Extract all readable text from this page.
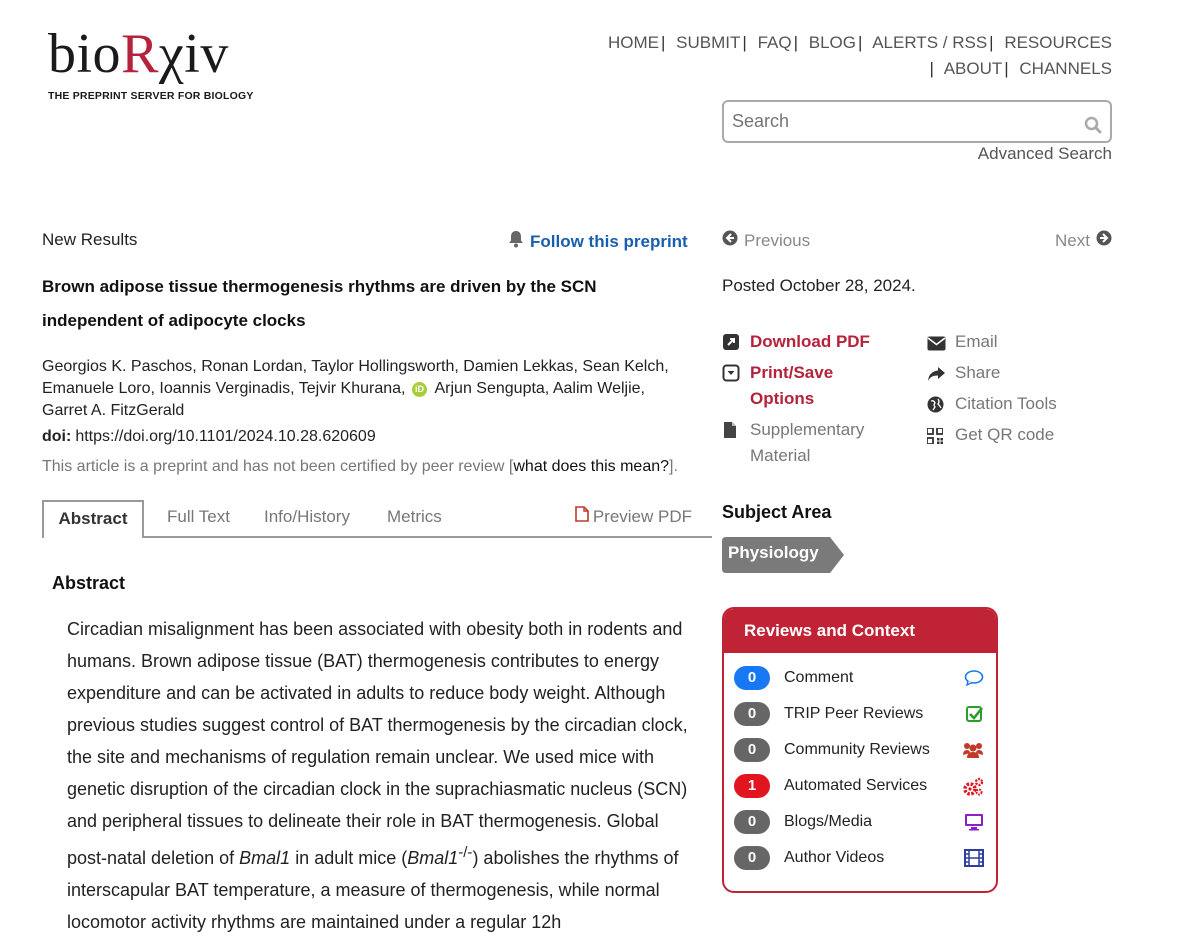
bioRχiv
THE PREPRINT SERVER FOR BIOLOGY
HOME | SUBMIT | FAQ | BLOG | ALERTS / RSS | RESOURCES
| ABOUT | CHANNELS
Search
Advanced Search
New Results	Follow this preprint	Previous	Next
Brown adipose tissue thermogenesis rhythms are driven by the SCN independent of adipocyte clocks
Georgios K. Paschos, Ronan Lordan, Taylor Hollingsworth, Damien Lekkas, Sean Kelch, Emanuele Loro, Ioannis Verginadis, Tejvir Khurana, iD Arjun Sengupta, Aalim Weljie, Garret A. FitzGerald
doi: https://doi.org/10.1101/2024.10.28.620609
This article is a preprint and has not been certified by peer review [what does this mean?].
Abstract	Full Text Info/History Metrics	Preview PDF
Abstract
Circadian misalignment has been associated with obesity both in rodents and humans. Brown adipose tissue (BAT) thermogenesis contributes to energy expenditure and can be activated in adults to reduce body weight. Although previous studies suggest control of BAT thermogenesis by the circadian clock, the site and mechanisms of regulation remain unclear. We used mice with genetic disruption of the circadian clock in the suprachiasmatic nucleus (SCN) and peripheral tissues to delineate their role in BAT thermogenesis. Global post-natal deletion of Bmal1 in adult mice (Bmal1-/-) abolishes the rhythms of interscapular BAT temperature, a measure of thermogenesis, while normal locomotor activity rhythms are maintained under a regular 12h
Posted October 28, 2024.
Download PDF
Print/Save Options
Supplementary Material
Email
Share
Citation Tools
Get QR code
Subject Area
Physiology
Reviews and Context
0	Comment
0	TRIP Peer Reviews
0	Community Reviews
1	Automated Services
0	Blogs/Media
0	Author Videos
